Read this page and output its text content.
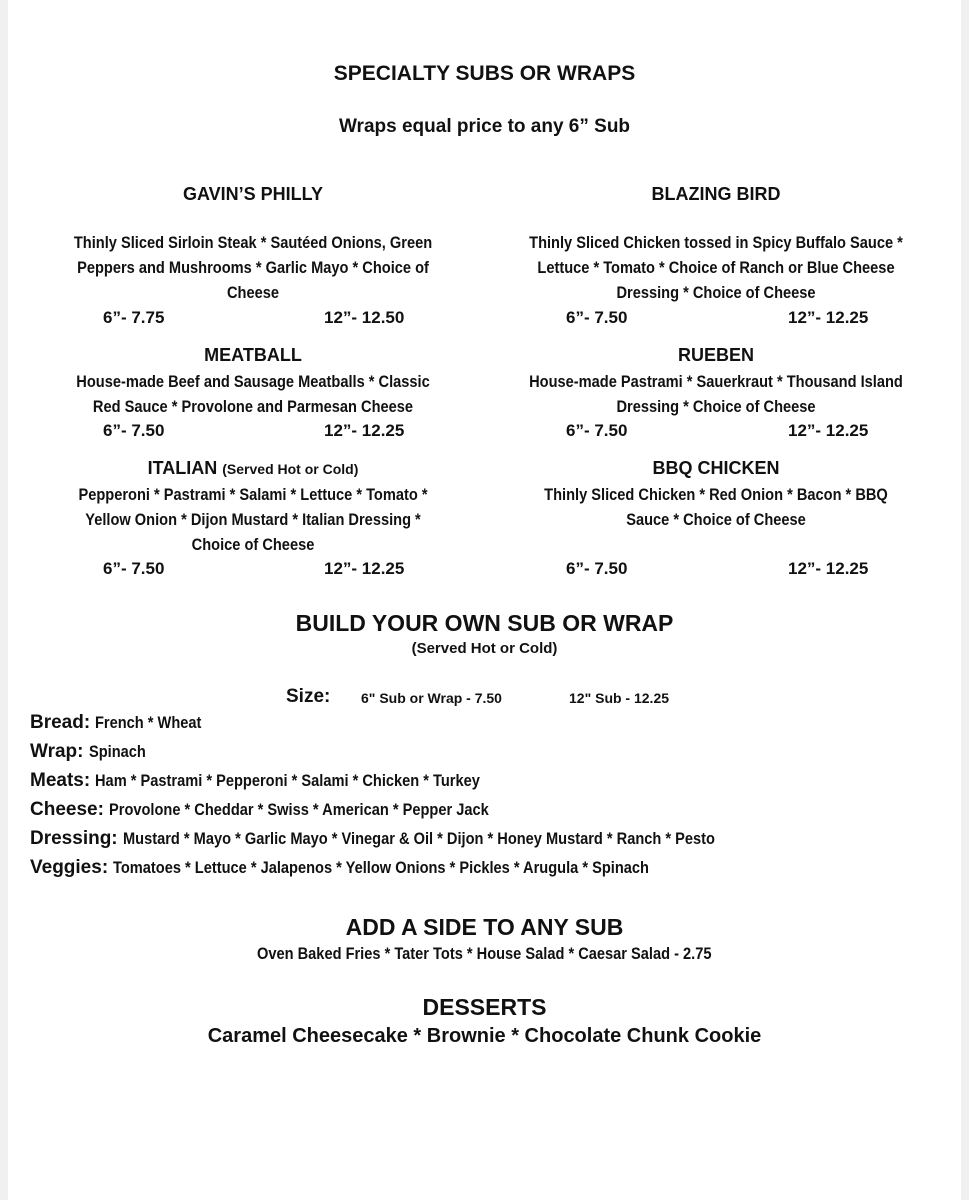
SPECIALTY SUBS OR WRAPS
Wraps equal price to any 6” Sub
GAVIN’S PHILLY
Thinly Sliced Sirloin Steak * Sautéed Onions, Green
Peppers and Mushrooms * Garlic Mayo * Choice of
Cheese
6”- 7.75	12”- 12.50
BLAZING BIRD
Thinly Sliced Chicken tossed in Spicy Buffalo Sauce *
Lettuce * Tomato * Choice of Ranch or Blue Cheese
Dressing * Choice of Cheese
6”- 7.50	12”- 12.25
MEATBALL
House-made Beef and Sausage Meatballs * Classic
Red Sauce * Provolone and Parmesan Cheese
6”- 7.50	12”- 12.25
RUEBEN
House-made Pastrami * Sauerkraut * Thousand Island
Dressing * Choice of Cheese
6”- 7.50	12”- 12.25
ITALIAN (Served Hot or Cold)
Pepperoni * Pastrami * Salami * Lettuce * Tomato *
Yellow Onion * Dijon Mustard * Italian Dressing *
Choice of Cheese
6”- 7.50	12”- 12.25
BBQ CHICKEN
Thinly Sliced Chicken * Red Onion * Bacon * BBQ
Sauce * Choice of Cheese
6”- 7.50	12”- 12.25
BUILD YOUR OWN SUB OR WRAP
(Served Hot or Cold)
Size: 6" Sub or Wrap - 7.50	12" Sub - 12.25
Bread: French * Wheat
Wrap: Spinach
Meats: Ham * Pastrami * Pepperoni * Salami * Chicken * Turkey
Cheese: Provolone * Cheddar * Swiss * American * Pepper Jack
Dressing: Mustard * Mayo * Garlic Mayo * Vinegar & Oil * Dijon * Honey Mustard * Ranch * Pesto
Veggies: Tomatoes * Lettuce * Jalapenos * Yellow Onions * Pickles * Arugula * Spinach
ADD A SIDE TO ANY SUB
Oven Baked Fries * Tater Tots * House Salad * Caesar Salad - 2.75
DESSERTS
Caramel Cheesecake * Brownie * Chocolate Chunk Cookie
